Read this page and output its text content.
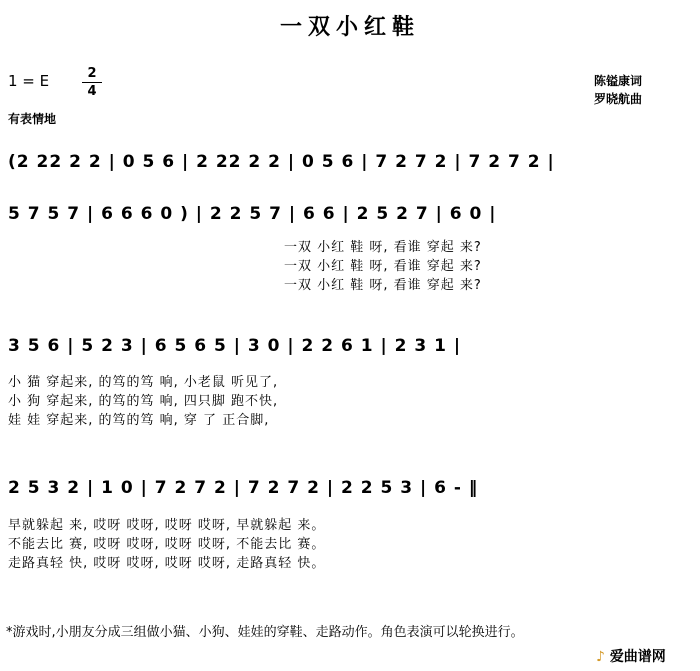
一双小红鞋
1 = E	2
4
陈镒康词
罗晓航曲
有表情地
(2 22 2 2 | 0 5 6 | 2 22 2 2 | 0 5 6 | 7 2 7 2 | 7 2 7 2 |
5 7 5 7 | 6 6 6 0 ) | 2 2 5 7 | 6 6 | 2 5 2 7 | 6 0 |
一双 小红 鞋 呀, 看谁 穿起 来?
一双 小红 鞋 呀, 看谁 穿起 来?
一双 小红 鞋 呀, 看谁 穿起 来?
3 5 6 | 5 2 3 | 6 5 6 5 | 3 0 | 2 2 6 1 | 2 3 1 |
小 猫 穿起来, 的笃的笃 响, 小老鼠 听见了,
小 狗 穿起来, 的笃的笃 响, 四只脚 跑不快,
娃 娃 穿起来, 的笃的笃 响, 穿 了 正合脚,
2 5 3 2 | 1 0 | 7 2 7 2 | 7 2 7 2 | 2 2 5 3 | 6 - ‖
早就躲起 来, 哎呀 哎呀, 哎呀 哎呀, 早就躲起 来。
不能去比 赛, 哎呀 哎呀, 哎呀 哎呀, 不能去比 赛。
走路真轻 快, 哎呀 哎呀, 哎呀 哎呀, 走路真轻 快。
*游戏时,小朋友分成三组做小猫、小狗、娃娃的穿鞋、走路动作。角色表演可以轮换进行。
♪ 爱曲谱网
